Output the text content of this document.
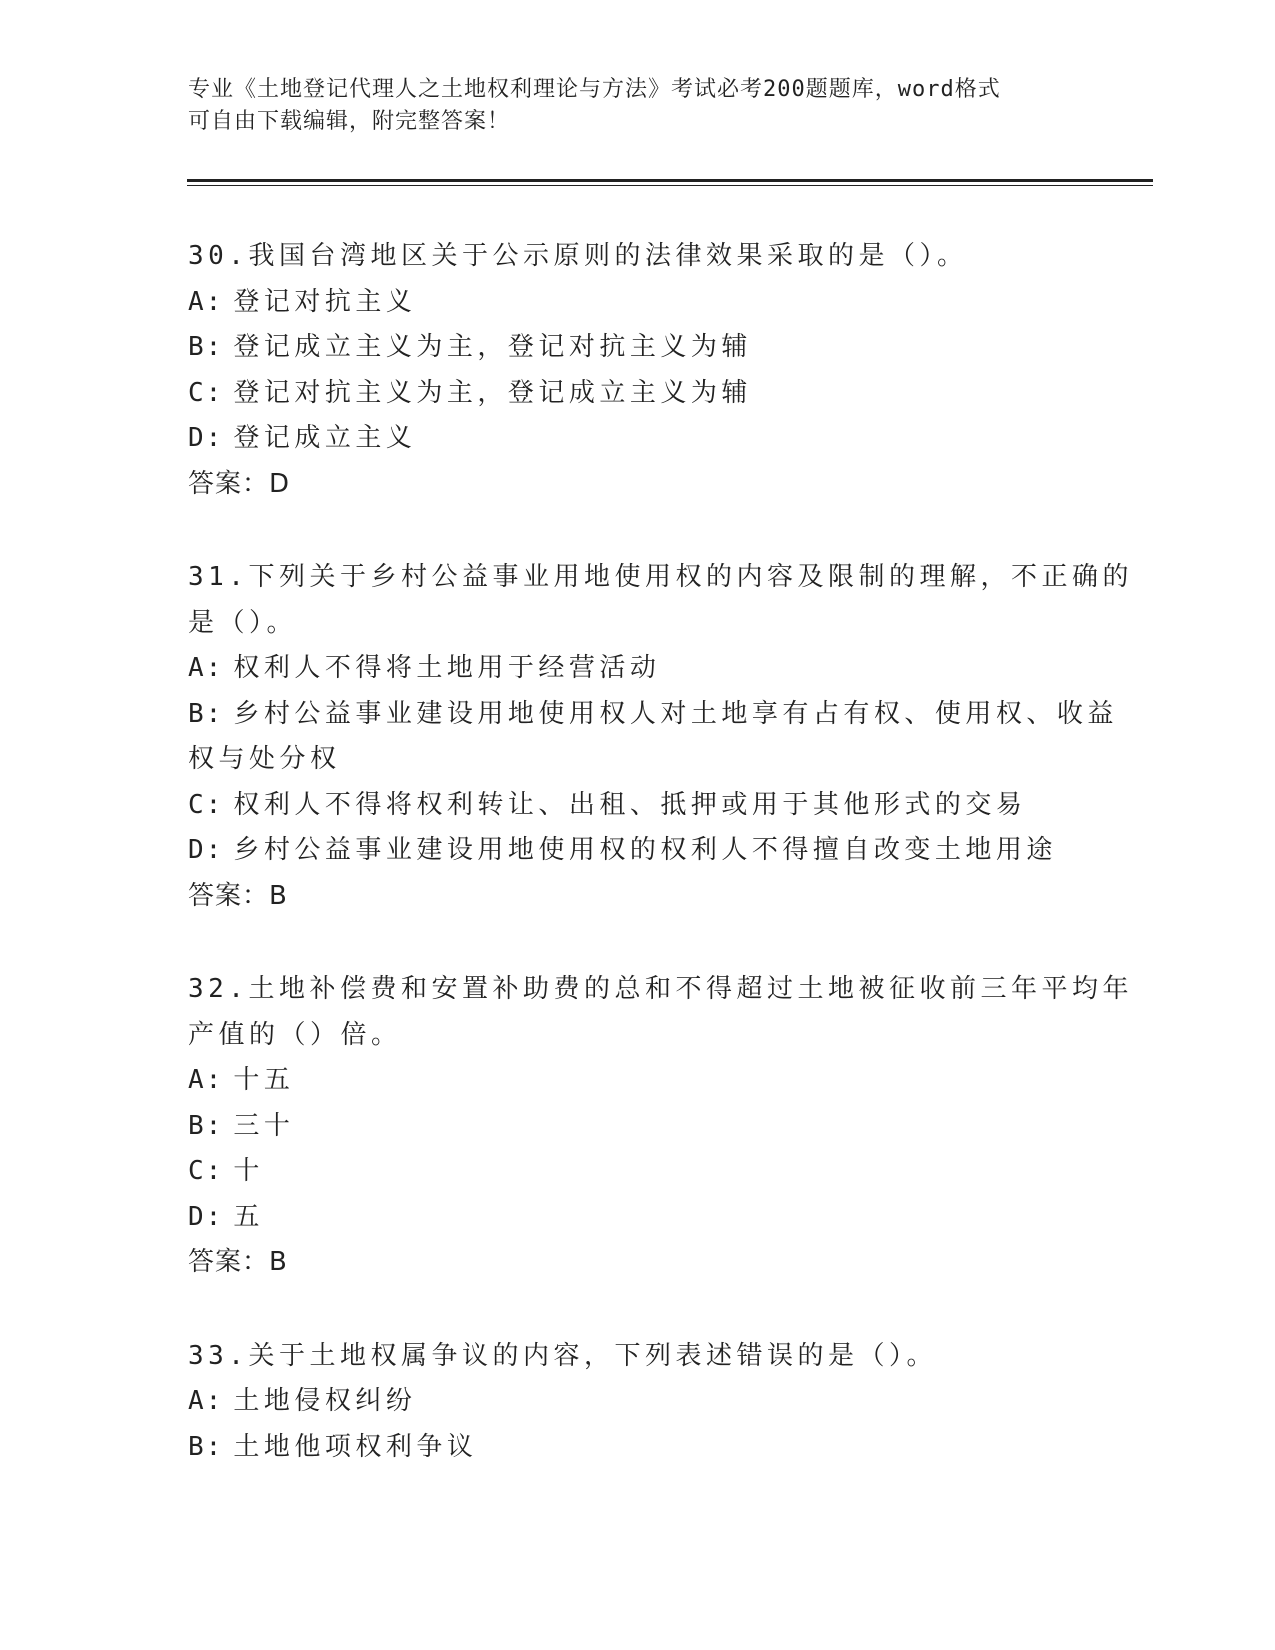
专业《土地登记代理人之土地权利理论与方法》考试必考200题题库，word格式
可自由下载编辑，附完整答案！
30.我国台湾地区关于公示原则的法律效果采取的是（）。
A: 登记对抗主义
B: 登记成立主义为主，登记对抗主义为辅
C: 登记对抗主义为主，登记成立主义为辅
D: 登记成立主义
答案：D
31.下列关于乡村公益事业用地使用权的内容及限制的理解，不正确的
是（）。
A: 权利人不得将土地用于经营活动
B: 乡村公益事业建设用地使用权人对土地享有占有权、使用权、收益
权与处分权
C: 权利人不得将权利转让、出租、抵押或用于其他形式的交易
D: 乡村公益事业建设用地使用权的权利人不得擅自改变土地用途
答案：B
32.土地补偿费和安置补助费的总和不得超过土地被征收前三年平均年
产值的（）倍。
A: 十五
B: 三十
C: 十
D: 五
答案：B
33.关于土地权属争议的内容，下列表述错误的是（）。
A: 土地侵权纠纷
B: 土地他项权利争议
